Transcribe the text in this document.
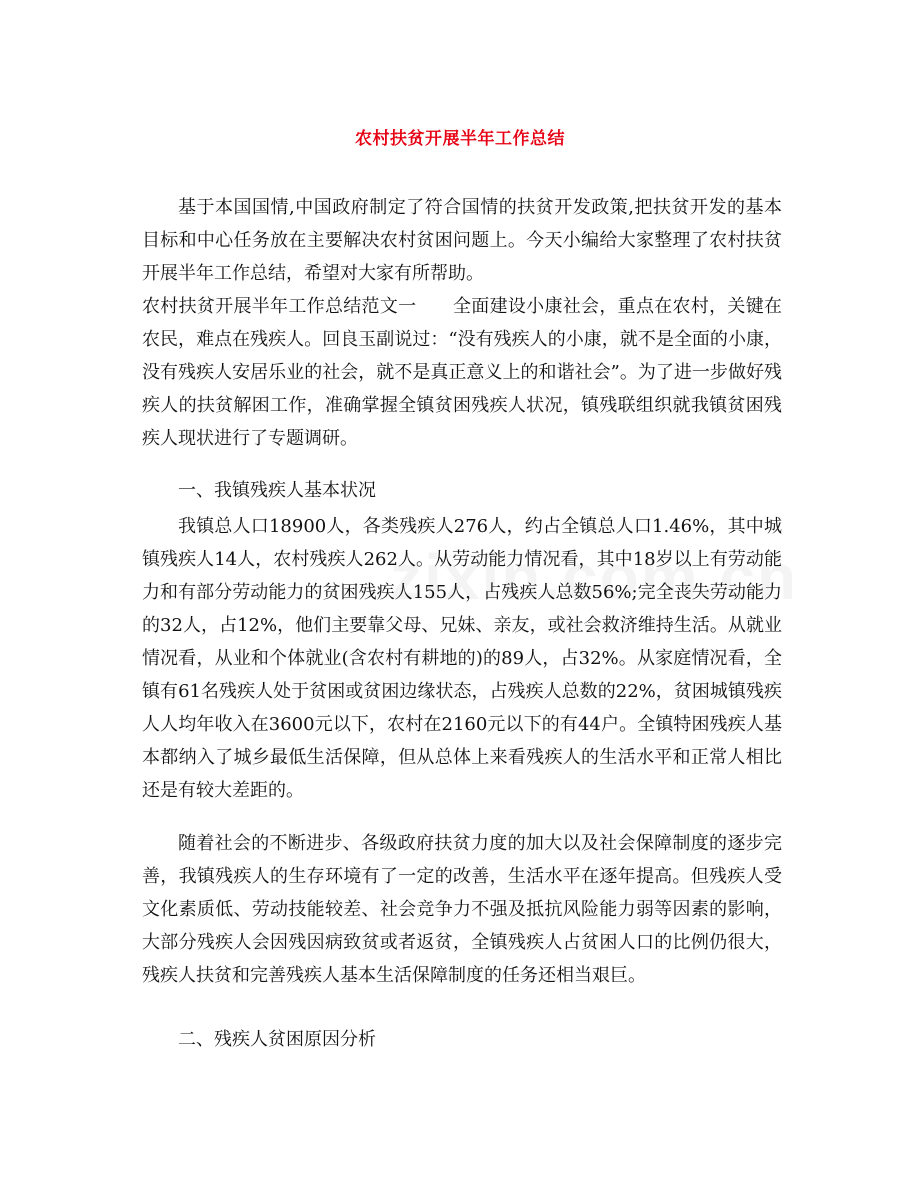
农村扶贫开展半年工作总结

基于本国国情,中国政府制定了符合国情的扶贫开发政策,把扶贫开发的基本目标和中心任务放在主要解决农村贫困问题上。今天小编给大家整理了农村扶贫开展半年工作总结，希望对大家有所帮助。

农村扶贫开展半年工作总结范文一　　全面建设小康社会，重点在农村，关键在农民，难点在残疾人。回良玉副说过：“没有残疾人的小康，就不是全面的小康，没有残疾人安居乐业的社会，就不是真正意义上的和谐社会”。为了进一步做好残疾人的扶贫解困工作，准确掌握全镇贫困残疾人状况，镇残联组织就我镇贫困残疾人现状进行了专题调研。

一、我镇残疾人基本状况

我镇总人口18900人，各类残疾人276人，约占全镇总人口1.46%，其中城镇残疾人14人，农村残疾人262人。从劳动能力情况看，其中18岁以上有劳动能力和有部分劳动能力的贫困残疾人155人，占残疾人总数56%;完全丧失劳动能力的32人，占12%，他们主要靠父母、兄妹、亲友，或社会救济维持生活。从就业情况看，从业和个体就业(含农村有耕地的)的89人，占32%。从家庭情况看，全镇有61名残疾人处于贫困或贫困边缘状态，占残疾人总数的22%，贫困城镇残疾人人均年收入在3600元以下，农村在2160元以下的有44户。全镇特困残疾人基本都纳入了城乡最低生活保障，但从总体上来看残疾人的生活水平和正常人相比还是有较大差距的。

随着社会的不断进步、各级政府扶贫力度的加大以及社会保障制度的逐步完善，我镇残疾人的生存环境有了一定的改善，生活水平在逐年提高。但残疾人受文化素质低、劳动技能较差、社会竞争力不强及抵抗风险能力弱等因素的影响，大部分残疾人会因残因病致贫或者返贫，全镇残疾人占贫困人口的比例仍很大，残疾人扶贫和完善残疾人基本生活保障制度的任务还相当艰巨。

二、残疾人贫困原因分析
